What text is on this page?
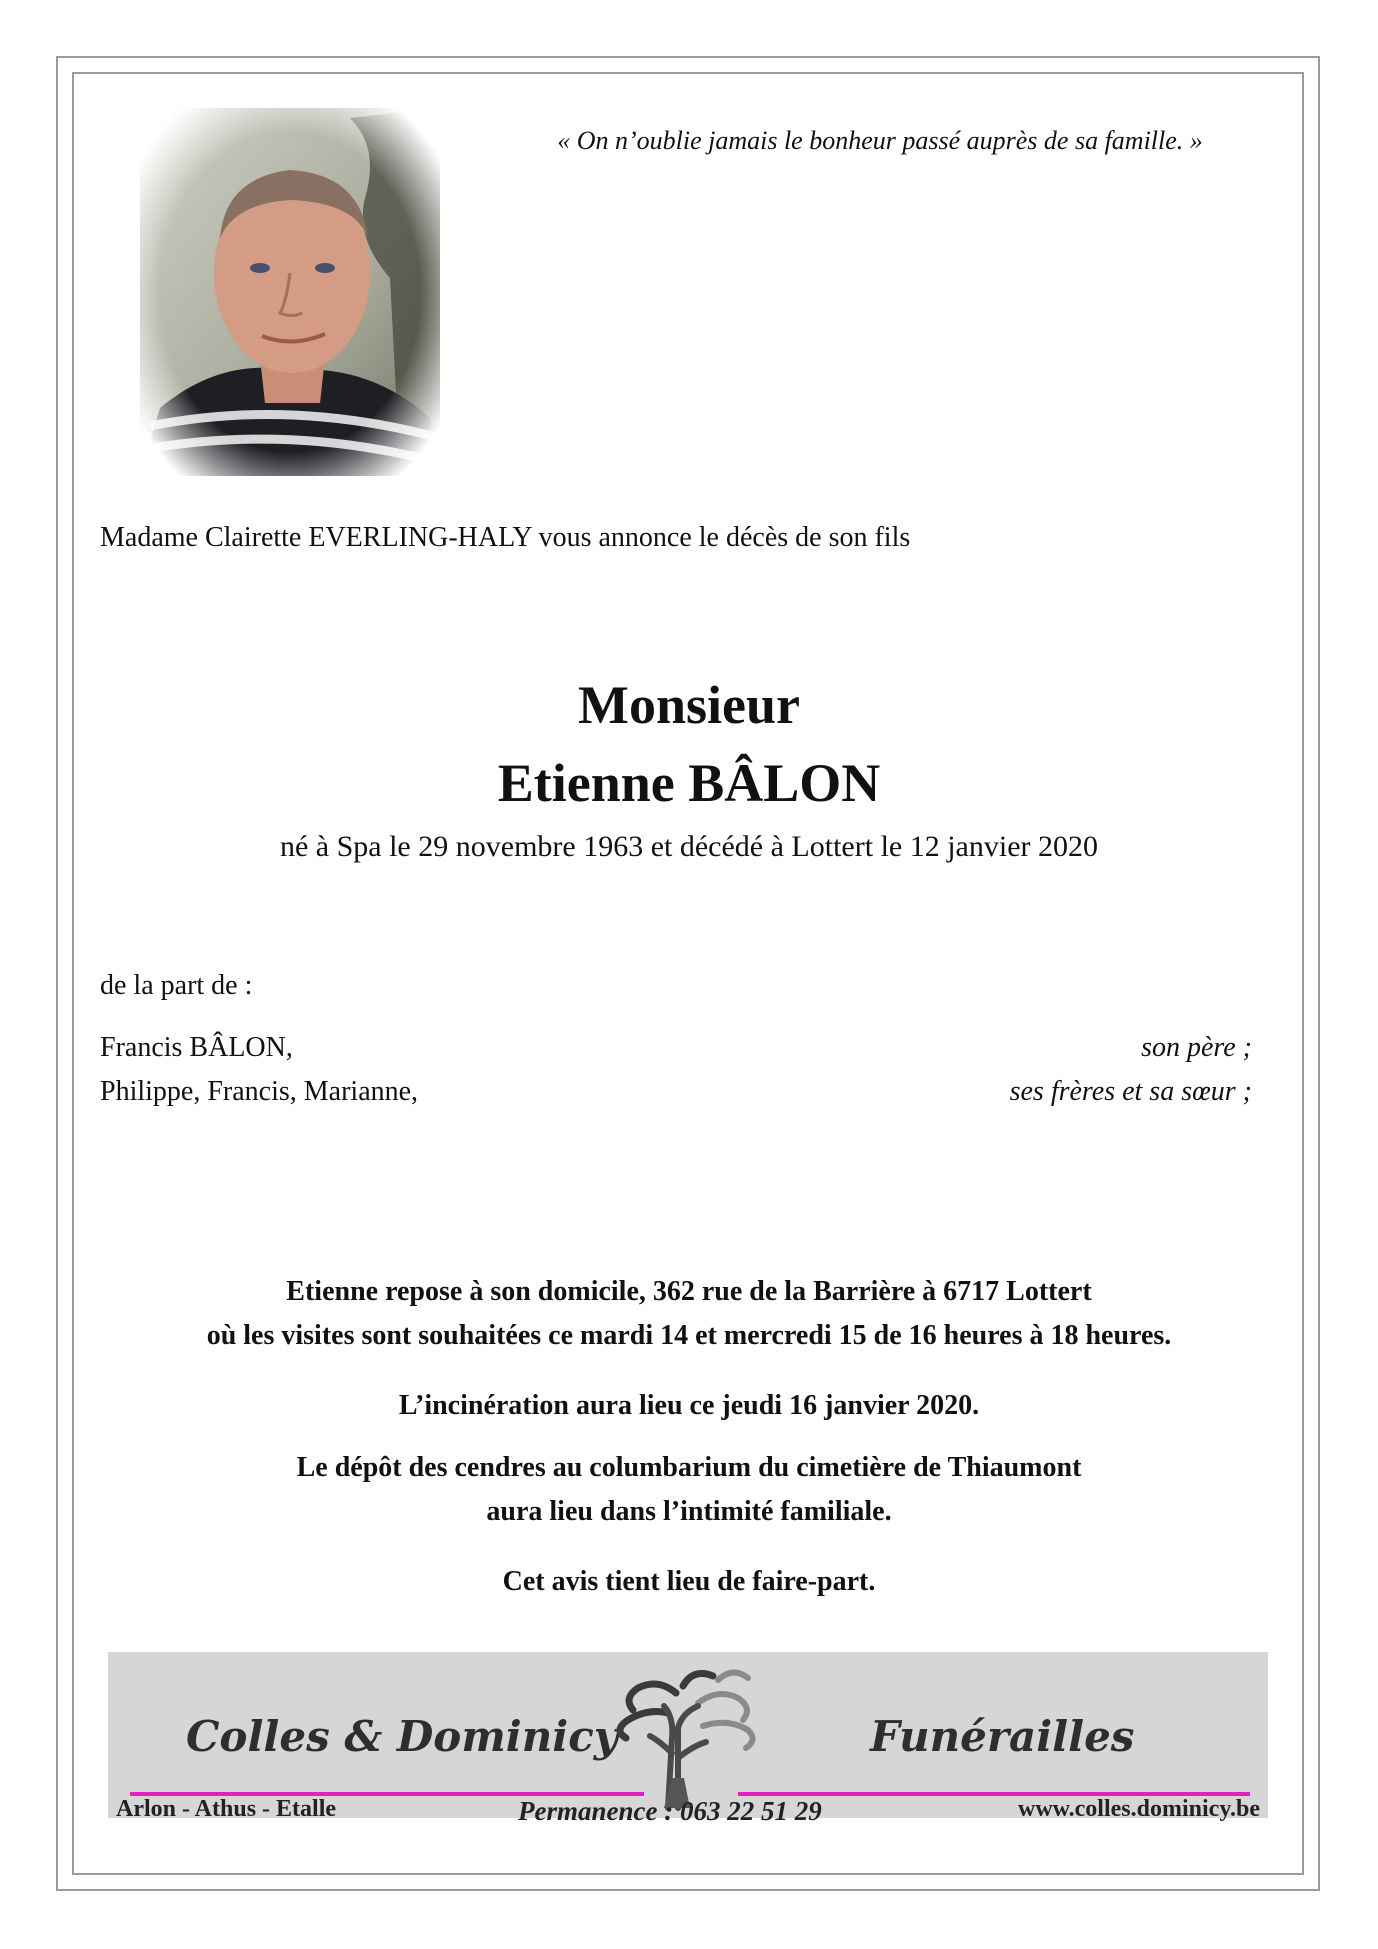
« On n’oublie jamais le bonheur passé auprès de sa famille. »
Madame Clairette EVERLING-HALY vous annonce le décès de son fils
Monsieur
Etienne BÂLON
né à Spa le 29 novembre 1963 et décédé à Lottert le 12 janvier 2020
de la part de :
Francis BÂLON,	son père ;
Philippe, Francis, Marianne,	ses frères et sa sœur ;
Etienne repose à son domicile, 362 rue de la Barrière à 6717 Lottert
où les visites sont souhaitées ce mardi 14 et mercredi 15 de 16 heures à 18 heures.
L’incinération aura lieu ce jeudi 16 janvier 2020.
Le dépôt des cendres au columbarium du cimetière de Thiaumont
aura lieu dans l’intimité familiale.
Cet avis tient lieu de faire-part.
Colles & Dominicy	Funérailles
Arlon - Athus - Etalle	Permanence : 063 22 51 29	www.colles.dominicy.be
